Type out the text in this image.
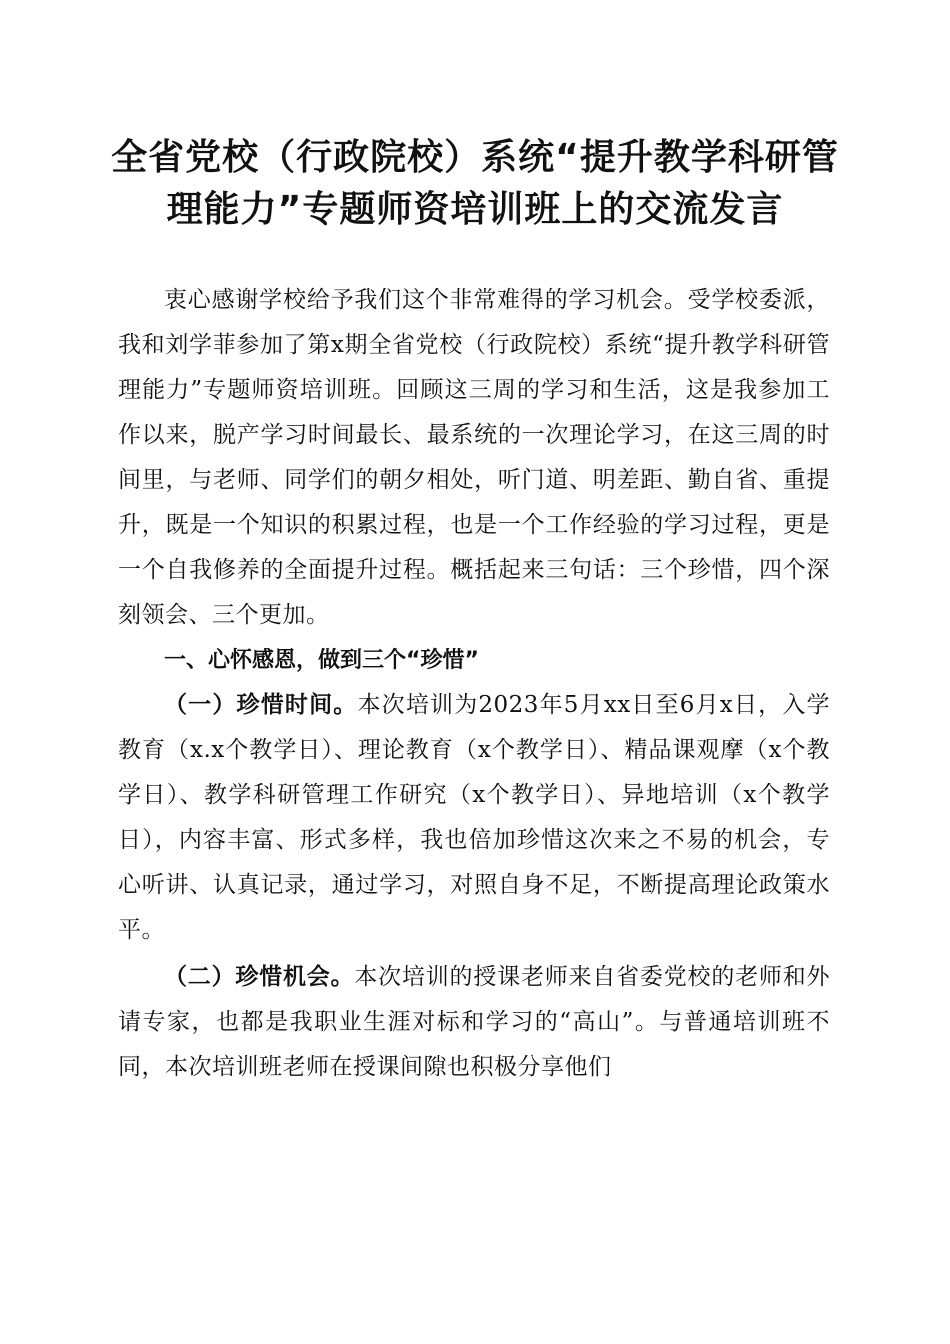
全省党校（行政院校）系统“提升教学科研管
理能力”专题师资培训班上的交流发言

衷心感谢学校给予我们这个非常难得的学习机会。受学校委派，我和刘学菲参加了第x期全省党校（行政院校）系统“提升教学科研管理能力”专题师资培训班。回顾这三周的学习和生活，这是我参加工作以来，脱产学习时间最长、最系统的一次理论学习，在这三周的时间里，与老师、同学们的朝夕相处，听门道、明差距、勤自省、重提升，既是一个知识的积累过程，也是一个工作经验的学习过程，更是一个自我修养的全面提升过程。概括起来三句话：三个珍惜，四个深刻领会、三个更加。

一、心怀感恩，做到三个“珍惜”

（一）珍惜时间。本次培训为2023年5月xx日至6月x日，入学教育（x.x个教学日）、理论教育（x个教学日）、精品课观摩（x个教学日）、教学科研管理工作研究（x个教学日）、异地培训（x个教学日），内容丰富、形式多样，我也倍加珍惜这次来之不易的机会，专心听讲、认真记录，通过学习，对照自身不足，不断提高理论政策水平。

（二）珍惜机会。本次培训的授课老师来自省委党校的老师和外请专家，也都是我职业生涯对标和学习的“高山”。与普通培训班不同，本次培训班老师在授课间隙也积极分享他们
